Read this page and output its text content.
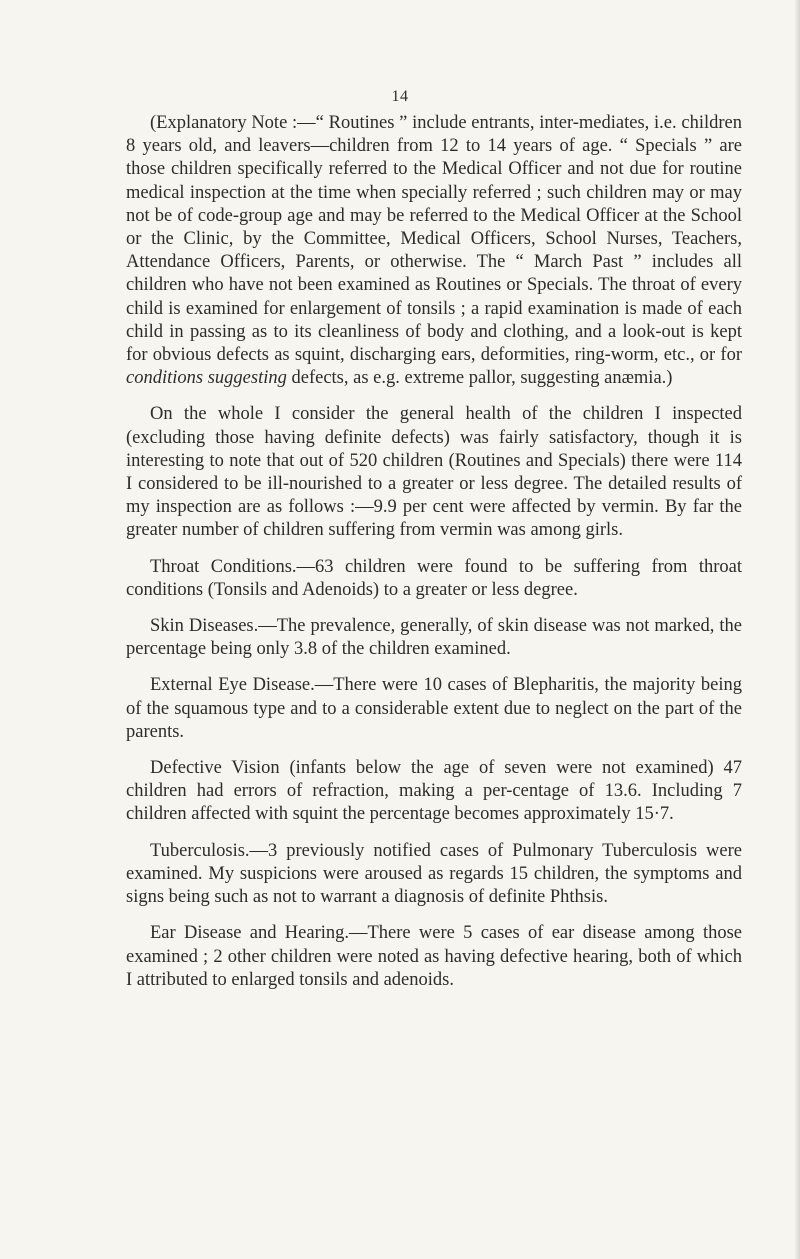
14

(Explanatory Note :—“ Routines ” include entrants, inter-mediates, i.e. children 8 years old, and leavers—children from 12 to 14 years of age. “ Specials ” are those children specifically referred to the Medical Officer and not due for routine medical inspection at the time when specially referred ; such children may or may not be of code-group age and may be referred to the Medical Officer at the School or the Clinic, by the Committee, Medical Officers, School Nurses, Teachers, Attendance Officers, Parents, or otherwise. The “ March Past ” includes all children who have not been examined as Routines or Specials. The throat of every child is examined for enlargement of tonsils ; a rapid examination is made of each child in passing as to its cleanliness of body and clothing, and a look-out is kept for obvious defects as squint, discharging ears, deformities, ring-worm, etc., or for conditions suggesting defects, as e.g. extreme pallor, suggesting anæmia.)

On the whole I consider the general health of the children I inspected (excluding those having definite defects) was fairly satisfactory, though it is interesting to note that out of 520 children (Routines and Specials) there were 114 I considered to be ill-nourished to a greater or less degree. The detailed results of my inspection are as follows :—9.9 per cent were affected by vermin. By far the greater number of children suffering from vermin was among girls.

Throat Conditions.—63 children were found to be suffering from throat conditions (Tonsils and Adenoids) to a greater or less degree.

Skin Diseases.—The prevalence, generally, of skin disease was not marked, the percentage being only 3.8 of the children examined.

External Eye Disease.—There were 10 cases of Blepharitis, the majority being of the squamous type and to a considerable extent due to neglect on the part of the parents.

Defective Vision (infants below the age of seven were not examined) 47 children had errors of refraction, making a per-centage of 13.6. Including 7 children affected with squint the percentage becomes approximately 15·7.

Tuberculosis.—3 previously notified cases of Pulmonary Tuberculosis were examined. My suspicions were aroused as regards 15 children, the symptoms and signs being such as not to warrant a diagnosis of definite Phthsis.

Ear Disease and Hearing.—There were 5 cases of ear disease among those examined ; 2 other children were noted as having defective hearing, both of which I attributed to enlarged tonsils and adenoids.
